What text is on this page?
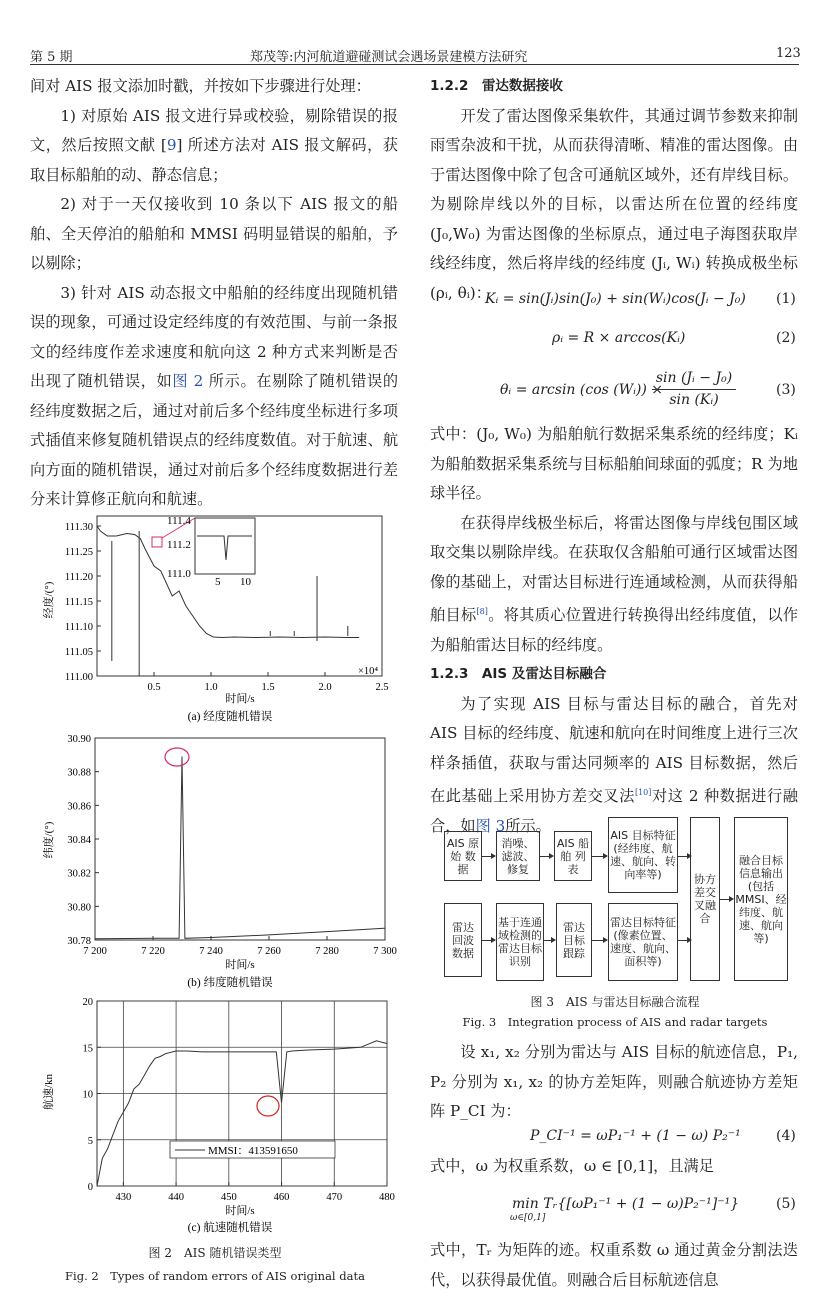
第 5 期	郑茂等:内河航道避碰测试会遇场景建模方法研究	123

间对 AIS 报文添加时戳，并按如下步骤进行处理：

1) 对原始 AIS 报文进行异或校验，剔除错误的报文，然后按照文献 [9] 所述方法对 AIS 报文解码，获取目标船舶的动、静态信息；

2) 对于一天仅接收到 10 条以下 AIS 报文的船舶、全天停泊的船舶和 MMSI 码明显错误的船舶，予以剔除；

3) 针对 AIS 动态报文中船舶的经纬度出现随机错误的现象，可通过设定经纬度的有效范围、与前一条报文的经纬度作差求速度和航向这 2 种方式来判断是否出现了随机错误，如图 2 所示。在剔除了随机错误的经纬度数据之后，通过对前后多个经纬度坐标进行多项式插值来修复随机错误点的经纬度数值。对于航速、航向方面的随机错误，通过对前后多个经纬度数据进行差分来计算修正航向和航速。

111.30
111.25
111.20
111.15
111.10
111.05
111.00
0.5	1.0	1.5	2.0	2.5
111.4
111.2
111.0
5 10
×10⁴
经度/(°)
时间/s
(a) 经度随机错误
30.90
30.88
30.86
30.84
30.82
30.80
30.78
7 200	7 220	7 240	7 260	7 280	7 300
纬度/(°)
时间/s
(b) 纬度随机错误
20
15
10
5
0
430	440	450	460	470	480
MMSI：413591650
航速/kn
时间/s
(c) 航速随机错误
图 2　AIS 随机错误类型
Fig. 2　Types of random errors of AIS original data

1.2.2　雷达数据接收

开发了雷达图像采集软件，其通过调节参数来抑制雨雪杂波和干扰，从而获得清晰、精准的雷达图像。由于雷达图像中除了包含可通航区域外，还有岸线目标。为剔除岸线以外的目标，以雷达所在位置的经纬度 (J₀,W₀) 为雷达图像的坐标原点，通过电子海图获取岸线经纬度，然后将岸线的经纬度 (Jᵢ, Wᵢ) 转换成极坐标 (ρᵢ, θᵢ)：

Kᵢ = sin(Jᵢ)sin(J₀) + sin(Wᵢ)cos(Jᵢ − J₀) (1)
ρᵢ = R × arccos(Kᵢ)	(2)
θᵢ = arcsin (cos (Wᵢ)) ×
sin (Jᵢ − J₀)
sin (Kᵢ)
(3)

式中：(J₀, W₀) 为船舶航行数据采集系统的经纬度；Kᵢ 为船舶数据采集系统与目标船舶间球面的弧度；R 为地球半径。

在获得岸线极坐标后，将雷达图像与岸线包围区域取交集以剔除岸线。在获取仅含船舶可通行区域雷达图像的基础上，对雷达目标进行连通域检测，从而获得船舶目标[8]。将其质心位置进行转换得出经纬度值，以作为船舶雷达目标的经纬度。

1.2.3　AIS 及雷达目标融合

为了实现 AIS 目标与雷达目标的融合，首先对 AIS 目标的经纬度、航速和航向在时间维度上进行三次样条插值，获取与雷达同频率的 AIS 目标数据，然后在此基础上采用协方差交叉法[10]对这 2 种数据进行融合，如图 3所示。

AIS 原始 数据
消噪、滤波、修复
AIS 船舶 列表
AIS 目标特征 (经纬度、航速、航向、转向率等)
雷达 回波 数据
基于连通域检测的雷达目标识别
雷达 目标 跟踪
雷达目标特征 (像素位置、速度、航向、面积等)
协方差交叉融合
融合目标信息输出 (包括 MMSI、经纬度、航速、航向等)
图 3　AIS 与雷达目标融合流程
Fig. 3　Integration process of AIS and radar targets

设 x₁, x₂ 分别为雷达与 AIS 目标的航迹信息，P₁, P₂ 分别为 x₁, x₂ 的协方差矩阵，则融合航迹协方差矩阵 P_CI 为：

P_CI⁻¹ = ωP₁⁻¹ + (1 − ω) P₂⁻¹	(4)

式中，ω 为权重系数，ω ∈ [0,1]，且满足

min Tᵣ{[ωP₁⁻¹ + (1 − ω)P₂⁻¹]⁻¹}
ω∈[0,1]
(5)

式中，Tᵣ 为矩阵的迹。权重系数 ω 通过黄金分割法迭代，以获得最优值。则融合后目标航迹信息
